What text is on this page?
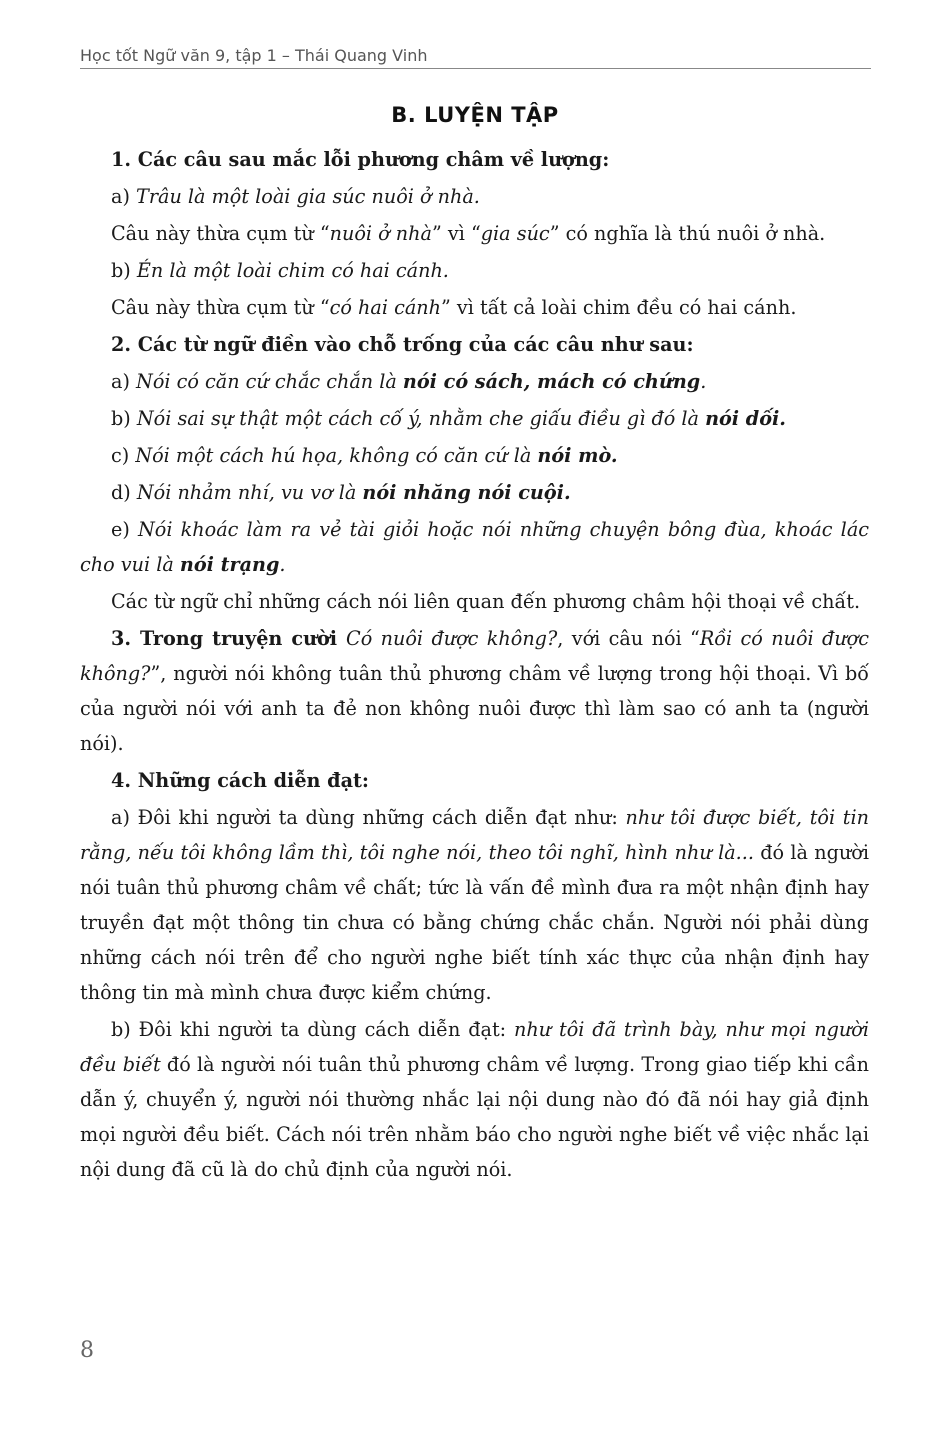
Học tốt Ngữ văn 9, tập 1 – Thái Quang Vinh
B. LUYỆN TẬP

1. Các câu sau mắc lỗi phương châm về lượng:

a) Trâu là một loài gia súc nuôi ở nhà.

Câu này thừa cụm từ “nuôi ở nhà” vì “gia súc” có nghĩa là thú nuôi ở nhà.

b) Én là một loài chim có hai cánh.

Câu này thừa cụm từ “có hai cánh” vì tất cả loài chim đều có hai cánh.

2. Các từ ngữ điền vào chỗ trống của các câu như sau:

a) Nói có căn cứ chắc chắn là nói có sách, mách có chứng.

b) Nói sai sự thật một cách cố ý, nhằm che giấu điều gì đó là nói dối.

c) Nói một cách hú họa, không có căn cứ là nói mò.

d) Nói nhảm nhí, vu vơ là nói nhăng nói cuội.

e) Nói khoác làm ra vẻ tài giỏi hoặc nói những chuyện bông đùa, khoác lác cho vui là nói trạng.

Các từ ngữ chỉ những cách nói liên quan đến phương châm hội thoại về chất.

3. Trong truyện cười Có nuôi được không?, với câu nói “Rồi có nuôi được không?”, người nói không tuân thủ phương châm về lượng trong hội thoại. Vì bố của người nói với anh ta đẻ non không nuôi được thì làm sao có anh ta (người nói).

4. Những cách diễn đạt:

a) Đôi khi người ta dùng những cách diễn đạt như: như tôi được biết, tôi tin rằng, nếu tôi không lầm thì, tôi nghe nói, theo tôi nghĩ, hình như là... đó là người nói tuân thủ phương châm về chất; tức là vấn đề mình đưa ra một nhận định hay truyền đạt một thông tin chưa có bằng chứng chắc chắn. Người nói phải dùng những cách nói trên để cho người nghe biết tính xác thực của nhận định hay thông tin mà mình chưa được kiểm chứng.

b) Đôi khi người ta dùng cách diễn đạt: như tôi đã trình bày, như mọi người đều biết đó là người nói tuân thủ phương châm về lượng. Trong giao tiếp khi cần dẫn ý, chuyển ý, người nói thường nhắc lại nội dung nào đó đã nói hay giả định mọi người đều biết. Cách nói trên nhằm báo cho người nghe biết về việc nhắc lại nội dung đã cũ là do chủ định của người nói.

8
